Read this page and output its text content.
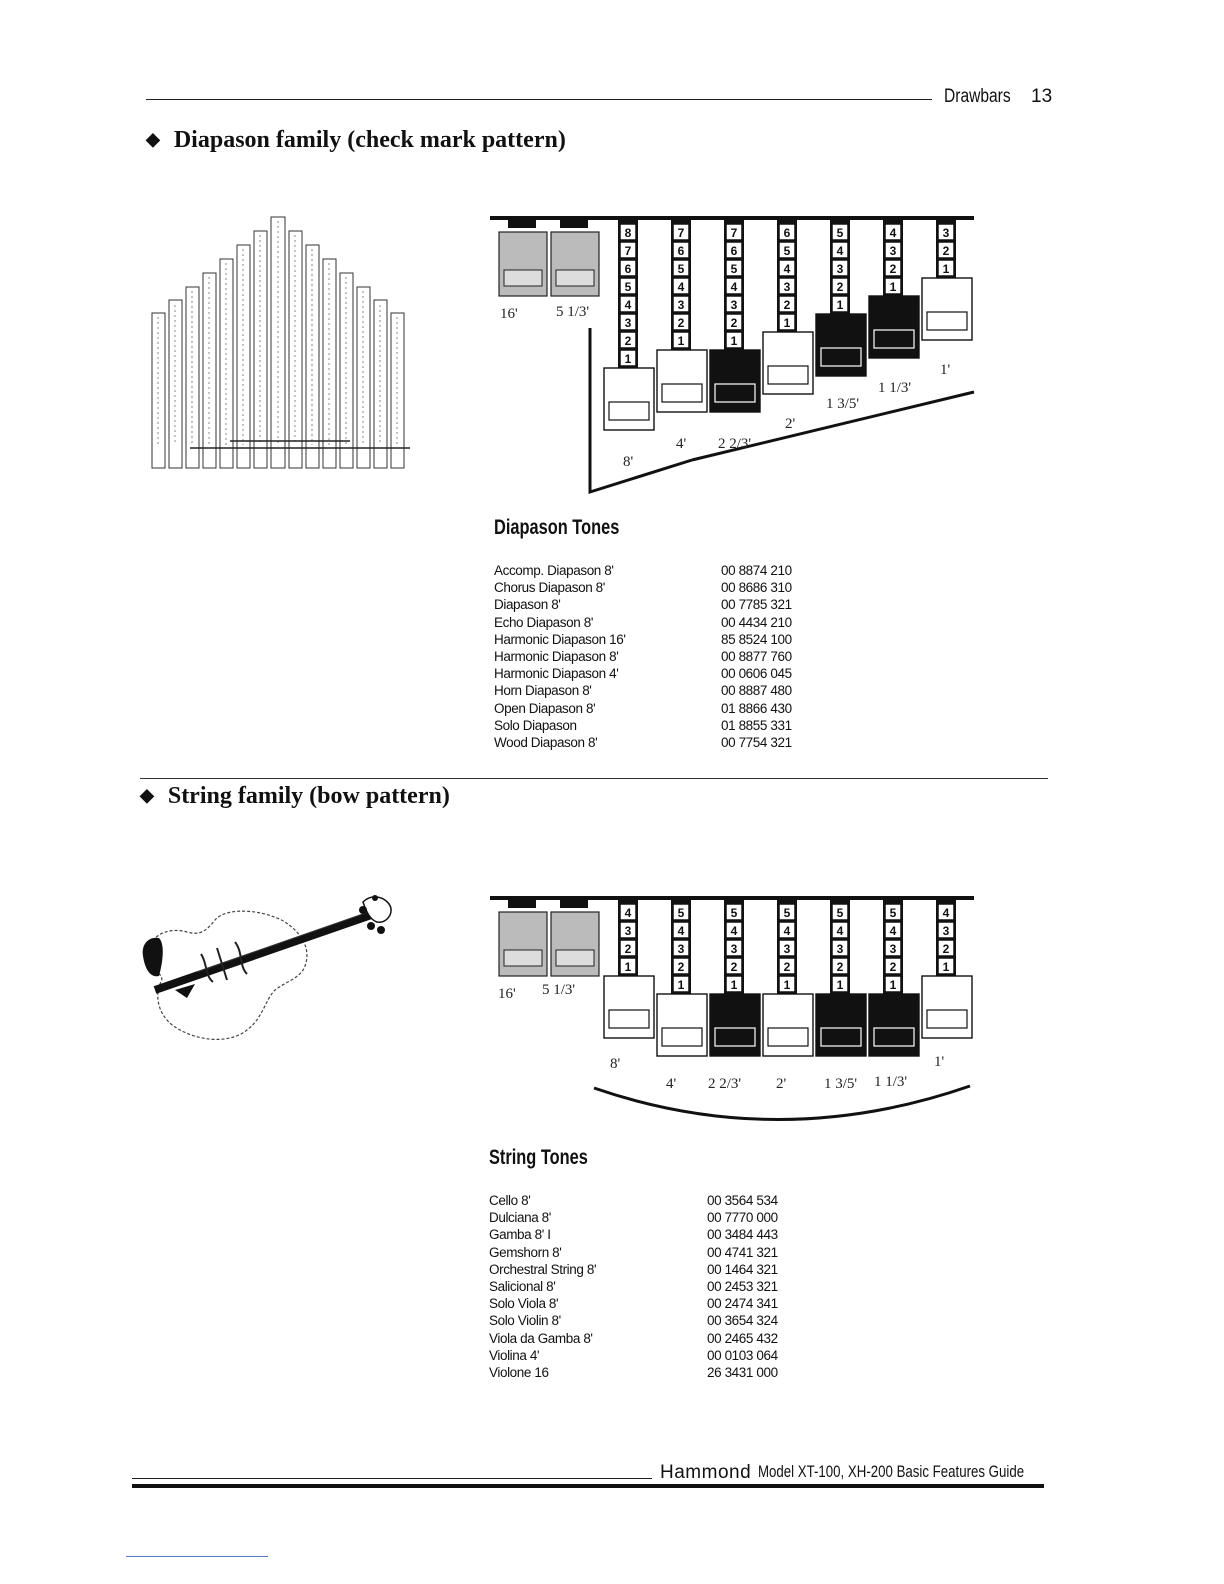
Drawbars 13
◆ Diapason family (check mark pattern)
8
7
6
5
4
3
2
1
7
6
5
4
3
2
1
7
6
5
4
3
2
1
6
5
4
3
2
1
5
4
3
2
1
4
3
2
1
3
2
1
16'	5 1/3'
8'
4' 2 2/3'
2'
1 3/5'
1 1/3'
1'
Diapason Tones
Accomp. Diapason 8'	00 8874 210
Chorus Diapason 8'	00 8686 310
Diapason 8'	00 7785 321
Echo Diapason 8'	00 4434 210
Harmonic Diapason 16'	85 8524 100
Harmonic Diapason 8'	00 8877 760
Harmonic Diapason 4'	00 0606 045
Horn Diapason 8'	00 8887 480
Open Diapason 8'	01 8866 430
Solo Diapason	01 8855 331
Wood Diapason 8'	00 7754 321
◆ String family (bow pattern)
4
3
2
1
5
4
3
2
1
5
4
3
2
1
5
4
3
2
1
5
4
3
2
1
5
4
3
2
1
4
3
2
1
16' 5 1/3'
8'
4' 2 2/3' 2'	1 3/5' 1 1/3'
1'
String Tones
Cello 8'	00 3564 534
Dulciana 8'	00 7770 000
Gamba 8' I	00 3484 443
Gemshorn 8'	00 4741 321
Orchestral String 8'	00 1464 321
Salicional 8'	00 2453 321
Solo Viola 8'	00 2474 341
Solo Violin 8'	00 3654 324
Viola da Gamba 8'	00 2465 432
Violina 4'	00 0103 064
Violone 16	26 3431 000
Hammond Model XT-100, XH-200 Basic Features Guide
